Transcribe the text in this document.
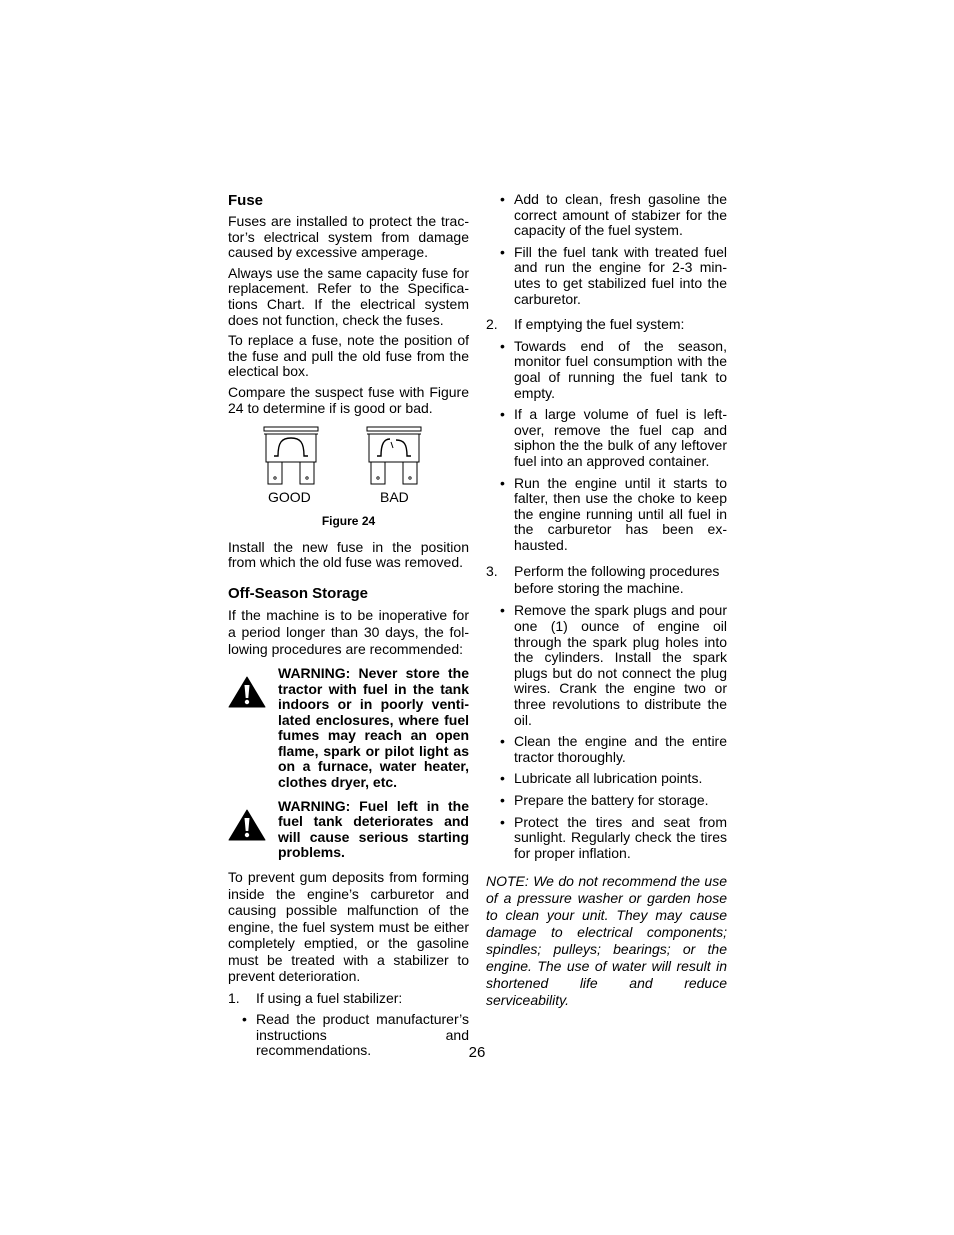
Fuse

Fuses are installed to protect the trac-tor’s electrical system from damage caused by excessive amperage.

Always use the same capacity fuse for replacement. Refer to the Specifica-tions Chart. If the electrical system does not function, check the fuses.

To replace a fuse, note the position of the fuse and pull the old fuse from the electical box.

Compare the suspect fuse with Figure 24 to determine if is good or bad.

GOOD	BAD
Figure 24

Install the new fuse in the position from which the old fuse was removed.

Off-Season Storage

If the machine is to be inoperative for a period longer than 30 days, the fol-lowing procedures are recommended:

WARNING: Never store the tractor with fuel in the tank indoors or in poorly venti-lated enclosures, where fuel fumes may reach an open flame, spark or pilot light as on a furnace, water heater, clothes dryer, etc.
WARNING: Fuel left in the fuel tank deteriorates and will cause serious starting problems.

To prevent gum deposits from forming inside the engine’s carburetor and causing possible malfunction of the engine, the fuel system must be either completely emptied, or the gasoline must be treated with a stabilizer to prevent deterioration.

1.	If using a fuel stabilizer:
• Read the product manufacturer’s instructions and recommendations.
• Add to clean, fresh gasoline the correct amount of stabizer for the capacity of the fuel system.
• Fill the fuel tank with treated fuel and run the engine for 2-3 min-utes to get stabilized fuel into the carburetor.
2.	If emptying the fuel system:
• Towards end of the season, monitor fuel consumption with the goal of running the fuel tank to empty.
• If a large volume of fuel is left-over, remove the fuel cap and siphon the the bulk of any leftover fuel into an approved container.
• Run the engine until it starts to falter, then use the choke to keep the engine running until all fuel in the carburetor has been ex-hausted.
3.	Perform the following procedures before storing the machine.
• Remove the spark plugs and pour one (1) ounce of engine oil through the spark plug holes into the cylinders. Install the spark plugs but do not connect the plug wires. Crank the engine two or three revolutions to distribute the oil.
• Clean the engine and the entire tractor thoroughly.
• Lubricate all lubrication points.
• Prepare the battery for storage.
• Protect the tires and seat from sunlight. Regularly check the tires for proper inflation.
NOTE: We do not recommend the use of a pressure washer or garden hose to clean your unit. They may cause damage to electrical components; spindles; pulleys; bearings; or the engine. The use of water will result in shortened life and reduce serviceability.
26
